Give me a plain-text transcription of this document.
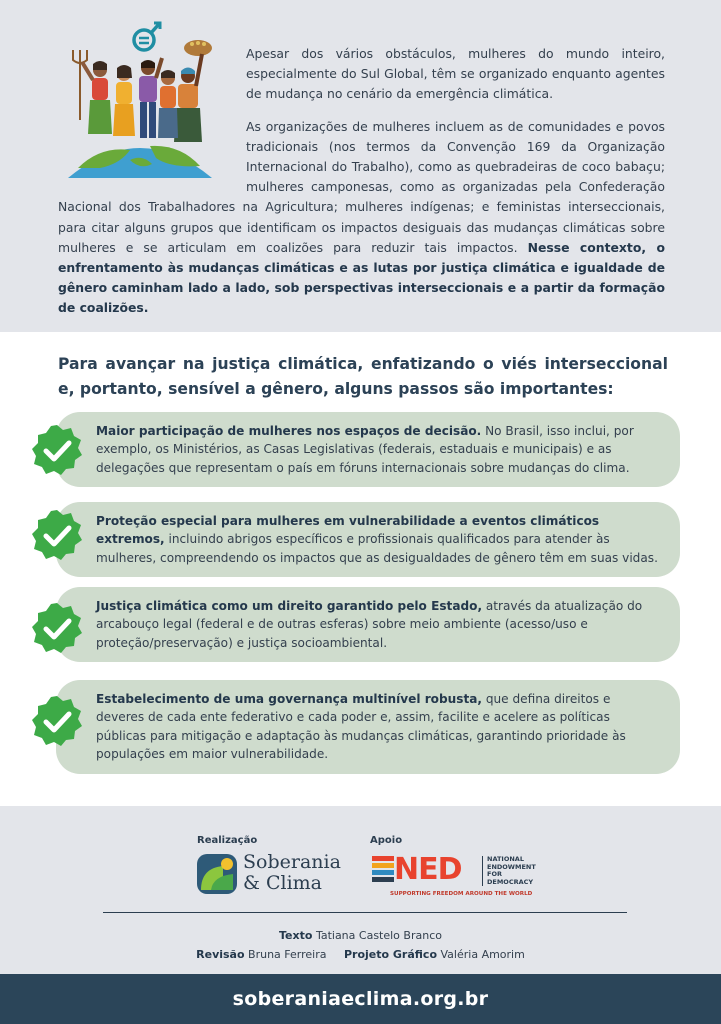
Apesar dos vários obstáculos, mulheres do mundo inteiro, especialmente do Sul Global, têm se organizado enquanto agentes de mudança no cenário da emergência climática.

As organizações de mulheres incluem as de comunidades e povos tradicionais (nos termos da Convenção 169 da Organização Internacional do Trabalho), como as quebradeiras de coco babaçu; mulheres camponesas, como as organizadas pela Confederação Nacional dos Trabalhadores na Agricultura; mulheres indígenas; e feministas interseccionais, para citar alguns grupos que identificam os impactos desiguais das mudanças climáticas sobre mulheres e se articulam em coalizões para reduzir tais impactos. Nesse contexto, o enfrentamento às mudanças climáticas e as lutas por justiça climática e igualdade de gênero caminham lado a lado, sob perspectivas interseccionais e a partir da formação de coalizões.

Para avançar na justiça climática, enfatizando o viés interseccional e, portanto, sensível a gênero, alguns passos são importantes:
Maior participação de mulheres nos espaços de decisão. No Brasil, isso inclui, por exemplo, os Ministérios, as Casas Legislativas (federais, estaduais e municipais) e as delegações que representam o país em fóruns internacionais sobre mudanças do clima.
Proteção especial para mulheres em vulnerabilidade a eventos climáticos extremos, incluindo abrigos específicos e profissionais qualificados para atender às mulheres, compreendendo os impactos que as desigualdades de gênero têm em suas vidas.
Justiça climática como um direito garantido pelo Estado, através da atualização do arcabouço legal (federal e de outras esferas) sobre meio ambiente (acesso/uso e proteção/preservação) e justiça socioambiental.
Estabelecimento de uma governança multinível robusta, que defina direitos e deveres de cada ente federativo e cada poder e, assim, facilite e acelere as políticas públicas para mitigação e adaptação às mudanças climáticas, garantindo prioridade às populações em maior vulnerabilidade.
Realização	Apoio
Soberania
& Clima	NED	NATIONAL
ENDOWMENT
FOR
DEMOCRACY
SUPPORTING FREEDOM AROUND THE WORLD
Texto Tatiana Castelo Branco
Revisão Bruna Ferreira Projeto Gráfico Valéria Amorim
soberaniaeclima.org.br
